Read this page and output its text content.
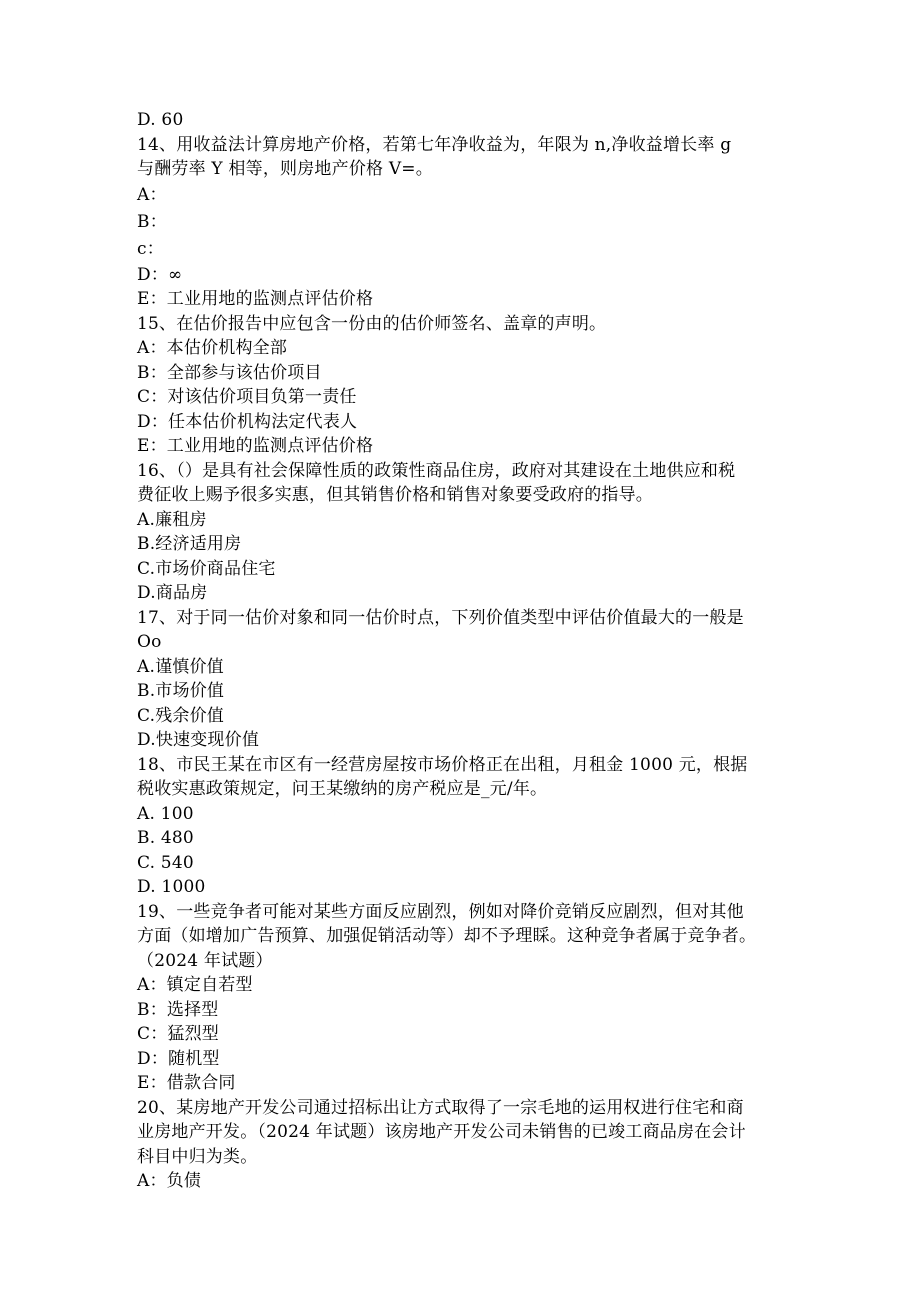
D. 60
14、用收益法计算房地产价格，若第七年净收益为，年限为 n,净收益增长率 g
与酬劳率 Y 相等，则房地产价格 V=。
A：
B：
c：
D：∞
E：工业用地的监测点评估价格
15、在估价报告中应包含一份由的估价师签名、盖章的声明。
A：本估价机构全部
B：全部参与该估价项目
C：对该估价项目负第一责任
D：任本估价机构法定代表人
E：工业用地的监测点评估价格
16、（）是具有社会保障性质的政策性商品住房，政府对其建设在土地供应和税
费征收上赐予很多实惠，但其销售价格和销售对象要受政府的指导。
A.廉租房
B.经济适用房
C.市场价商品住宅
D.商品房
17、对于同一估价对象和同一估价时点，下列价值类型中评估价值最大的一般是
Oo
A.谨慎价值
B.市场价值
C.残余价值
D.快速变现价值
18、市民王某在市区有一经营房屋按市场价格正在出租，月租金 1000 元，根据
税收实惠政策规定，问王某缴纳的房产税应是_元/年。
A. 100
B. 480
C. 540
D. 1000
19、一些竞争者可能对某些方面反应剧烈，例如对降价竞销反应剧烈，但对其他
方面（如增加广告预算、加强促销活动等）却不予理睬。这种竞争者属于竞争者。
（2024 年试题）
A：镇定自若型
B：选择型
C：猛烈型
D：随机型
E：借款合同
20、某房地产开发公司通过招标出让方式取得了一宗毛地的运用权进行住宅和商
业房地产开发。（2024 年试题）该房地产开发公司未销售的已竣工商品房在会计
科目中归为类。
A：负债
